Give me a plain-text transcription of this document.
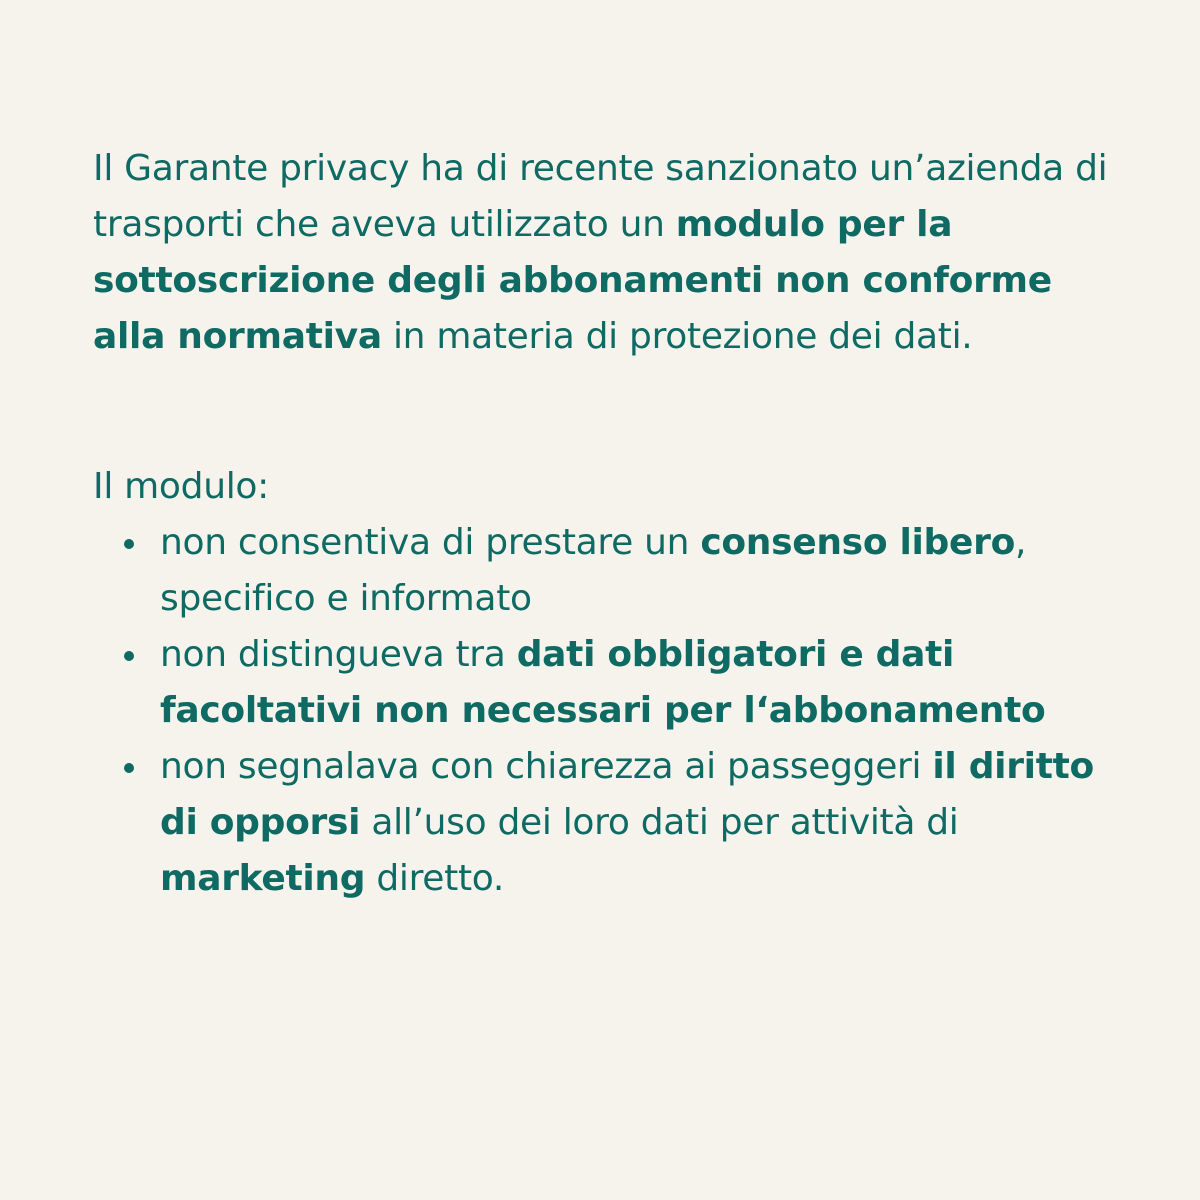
Il Garante privacy ha di recente sanzionato un’azienda di trasporti che aveva utilizzato un modulo per la sottoscrizione degli abbonamenti non conforme alla normativa in materia di protezione dei dati.

Il modulo:

non consentiva di prestare un consenso libero, specifico e informato
non distingueva tra dati obbligatori e dati facoltativi non necessari per l‘abbonamento
non segnalava con chiarezza ai passeggeri il diritto di opporsi all’uso dei loro dati per attività di marketing diretto.
